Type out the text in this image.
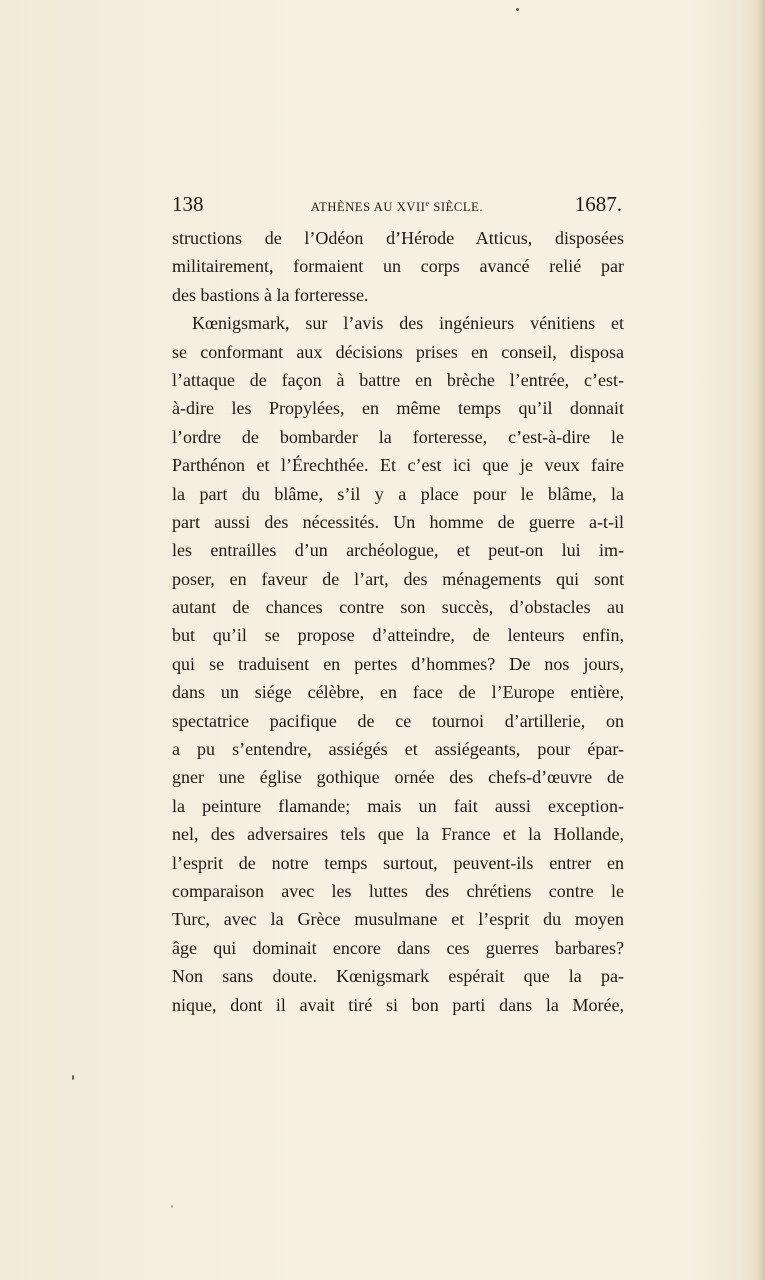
138	ATHÈNES AU XVIIe SIÈCLE.	1687.
structions de l’Odéon d’Hérode Atticus, disposées
militairement, formaient un corps avancé relié par
des bastions à la forteresse.
Kœnigsmark, sur l’avis des ingénieurs vénitiens et
se conformant aux décisions prises en conseil, disposa
l’attaque de façon à battre en brèche l’entrée, c’est-
à-dire les Propylées, en même temps qu’il donnait
l’ordre de bombarder la forteresse, c’est-à-dire le
Parthénon et l’Érechthée. Et c’est ici que je veux faire
la part du blâme, s’il y a place pour le blâme, la
part aussi des nécessités. Un homme de guerre a-t-il
les entrailles d’un archéologue, et peut-on lui im-
poser, en faveur de l’art, des ménagements qui sont
autant de chances contre son succès, d’obstacles au
but qu’il se propose d’atteindre, de lenteurs enfin,
qui se traduisent en pertes d’hommes? De nos jours,
dans un siége célèbre, en face de l’Europe entière,
spectatrice pacifique de ce tournoi d’artillerie, on
a pu s’entendre, assiégés et assiégeants, pour épar-
gner une église gothique ornée des chefs-d’œuvre de
la peinture flamande; mais un fait aussi exception-
nel, des adversaires tels que la France et la Hollande,
l’esprit de notre temps surtout, peuvent-ils entrer en
comparaison avec les luttes des chrétiens contre le
Turc, avec la Grèce musulmane et l’esprit du moyen
âge qui dominait encore dans ces guerres barbares?
Non sans doute. Kœnigsmark espérait que la pa-
nique, dont il avait tiré si bon parti dans la Morée,
